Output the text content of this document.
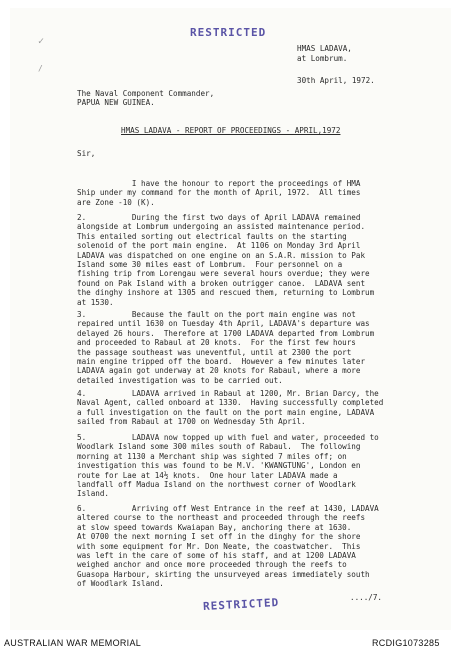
✓
/
RESTRICTED
HMAS LADAVA,
at Lombrum.
30th April, 1972.
The Naval Component Commander,
PAPUA NEW GUINEA.
HMAS LADAVA - REPORT OF PROCEEDINGS - APRIL,1972
Sir,
I have the honour to report the proceedings of HMA
Ship under my command for the month of April, 1972.  All times
are Zone -10 (K).
2.          During the first two days of April LADAVA remained
alongside at Lombrum undergoing an assisted maintenance period.
This entailed sorting out electrical faults on the starting
solenoid of the port main engine.  At 1106 on Monday 3rd April
LADAVA was dispatched on one engine on an S.A.R. mission to Pak
Island some 30 miles east of Lombrum.  Four personnel on a
fishing trip from Lorengau were several hours overdue; they were
found on Pak Island with a broken outrigger canoe.  LADAVA sent
the dinghy inshore at 1305 and rescued them, returning to Lombrum
at 1530.
3.          Because the fault on the port main engine was not
repaired until 1630 on Tuesday 4th April, LADAVA's departure was
delayed 26 hours.  Therefore at 1700 LADAVA departed from Lombrum
and proceeded to Rabaul at 20 knots.  For the first few hours
the passage southeast was uneventful, until at 2300 the port
main engine tripped off the board.  However a few minutes later
LADAVA again got underway at 20 knots for Rabaul, where a more
detailed investigation was to be carried out.
4.          LADAVA arrived in Rabaul at 1200, Mr. Brian Darcy, the
Naval Agent, called onboard at 1330.  Having successfully completed
a full investigation on the fault on the port main engine, LADAVA
sailed from Rabaul at 1700 on Wednesday 5th April.
5.          LADAVA now topped up with fuel and water, proceeded to
Woodlark Island some 300 miles south of Rabaul.  The following
morning at 1130 a Merchant ship was sighted 7 miles off; on
investigation this was found to be M.V. 'KWANGTUNG', London en
route for Lae at 14½ knots.  One hour later LADAVA made a
landfall off Madua Island on the northwest corner of Woodlark
Island.
6.          Arriving off West Entrance in the reef at 1430, LADAVA
altered course to the northeast and proceeded through the reefs
at slow speed towards Kwaiapan Bay, anchoring there at 1630.
At 0700 the next morning I set off in the dinghy for the shore
with some equipment for Mr. Don Neate, the coastwatcher.  This
was left in the care of some of his staff, and at 1200 LADAVA
weighed anchor and once more proceeded through the reefs to
Guasopa Harbour, skirting the unsurveyed areas immediately south
of Woodlark Island.
..../7.
RESTRICTED
AUSTRALIAN WAR MEMORIAL	RCDIG1073285
